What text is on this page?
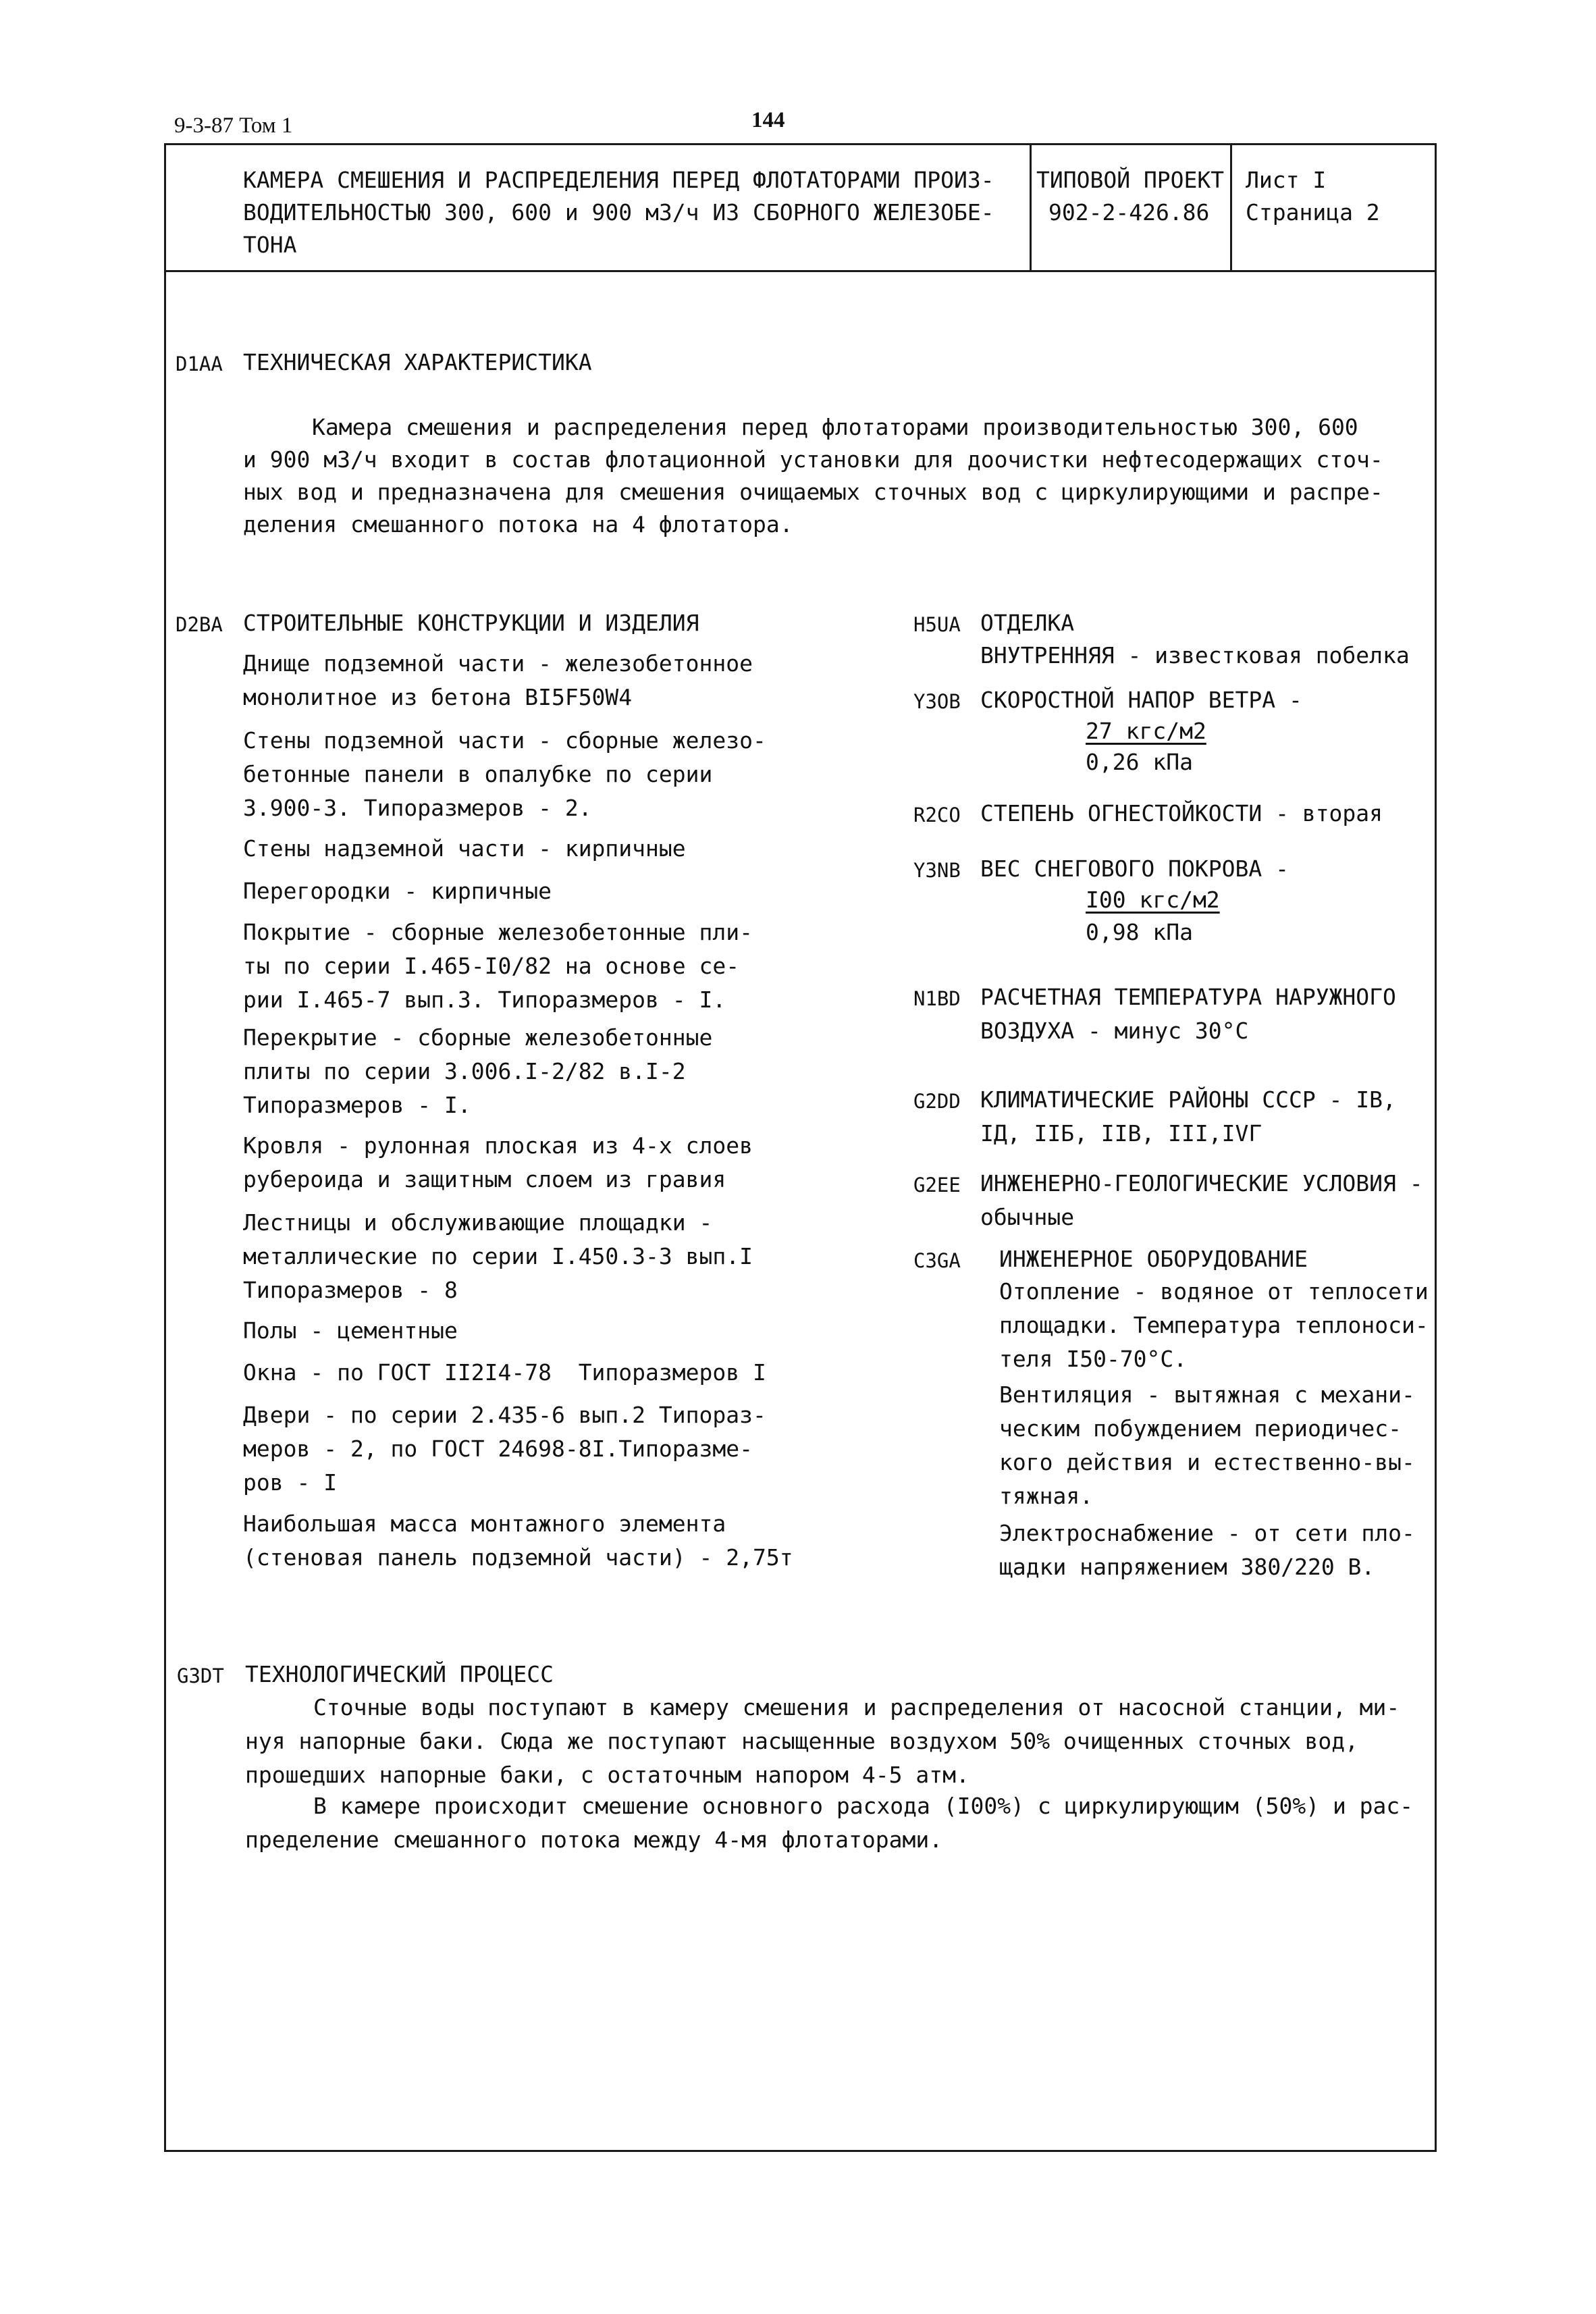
9-3-87 Том 1	144
КАМЕРА СМЕШЕНИЯ И РАСПРЕДЕЛЕНИЯ ПЕРЕД ФЛОТАТОРАМИ ПРОИЗ-
ВОДИТЕЛЬНОСТЬЮ 300, 600 и 900 м3/ч ИЗ СБОРНОГО ЖЕЛЕЗОБЕ-
ТОНА
ТИПОВОЙ ПРОЕКТ
902-2-426.86
Лист I
Страница 2
D1AA ТЕХНИЧЕСКАЯ ХАРАКТЕРИСТИКА
Камера смешения и распределения перед флотаторами производительностью 300, 600
и 900 м3/ч входит в состав флотационной установки для доочистки нефтесодержащих сточ-
ных вод и предназначена для смешения очищаемых сточных вод с циркулирующими и распре-
деления смешанного потока на 4 флотатора.
D2BA СТРОИТЕЛЬНЫЕ КОНСТРУКЦИИ И ИЗДЕЛИЯ
Днище подземной части - железобетонное
монолитное из бетона BI5F50W4
Стены подземной части - сборные железо-
бетонные панели в опалубке по серии
3.900-3. Типоразмеров - 2.
Стены надземной части - кирпичные
Перегородки - кирпичные
Покрытие - сборные железобетонные пли-
ты по серии I.465-I0/82 на основе се-
рии I.465-7 вып.3. Типоразмеров - I.
Перекрытие - сборные железобетонные
плиты по серии 3.006.I-2/82 в.I-2
Типоразмеров - I.
Кровля - рулонная плоская из 4-х слоев
рубероида и защитным слоем из гравия
Лестницы и обслуживающие площадки -
металлические по серии I.450.3-3 вып.I
Типоразмеров - 8
Полы - цементные
Окна - по ГОСТ II2I4-78  Типоразмеров I
Двери - по серии 2.435-6 вып.2 Типораз-
меров - 2, по ГОСТ 24698-8I.Типоразме-
ров - I
Наибольшая масса монтажного элемента
(стеновая панель подземной части) - 2,75т
H5UA ОТДЕЛКА
ВНУТРЕННЯЯ - известковая побелка
Y3OB СКОРОСТНОЙ НАПОР ВЕТРА -
27 кгс/м2
0,26 кПа
R2CO СТЕПЕНЬ ОГНЕСТОЙКОСТИ - вторая
Y3NB ВЕС СНЕГОВОГО ПОКРОВА -
I00 кгс/м2
0,98 кПа
N1BD РАСЧЕТНАЯ ТЕМПЕРАТУРА НАРУЖНОГО
ВОЗДУХА - минус 30°С
G2DD КЛИМАТИЧЕСКИЕ РАЙОНЫ СССР - IВ,
IД, IIБ, IIВ, III,IVГ
G2EE ИНЖЕНЕРНО-ГЕОЛОГИЧЕСКИЕ УСЛОВИЯ -
обычные
C3GA ИНЖЕНЕРНОЕ ОБОРУДОВАНИЕ
Отопление - водяное от теплосети
площадки. Температура теплоноси-
теля I50-70°С.
Вентиляция - вытяжная с механи-
ческим побуждением периодичес-
кого действия и естественно-вы-
тяжная.
Электроснабжение - от сети пло-
щадки напряжением 380/220 В.
G3DT ТЕХНОЛОГИЧЕСКИЙ ПРОЦЕСС
Сточные воды поступают в камеру смешения и распределения от насосной станции, ми-
нуя напорные баки. Сюда же поступают насыщенные воздухом 50% очищенных сточных вод,
прошедших напорные баки, с остаточным напором 4-5 атм.
В камере происходит смешение основного расхода (I00%) с циркулирующим (50%) и рас-
пределение смешанного потока между 4-мя флотаторами.
